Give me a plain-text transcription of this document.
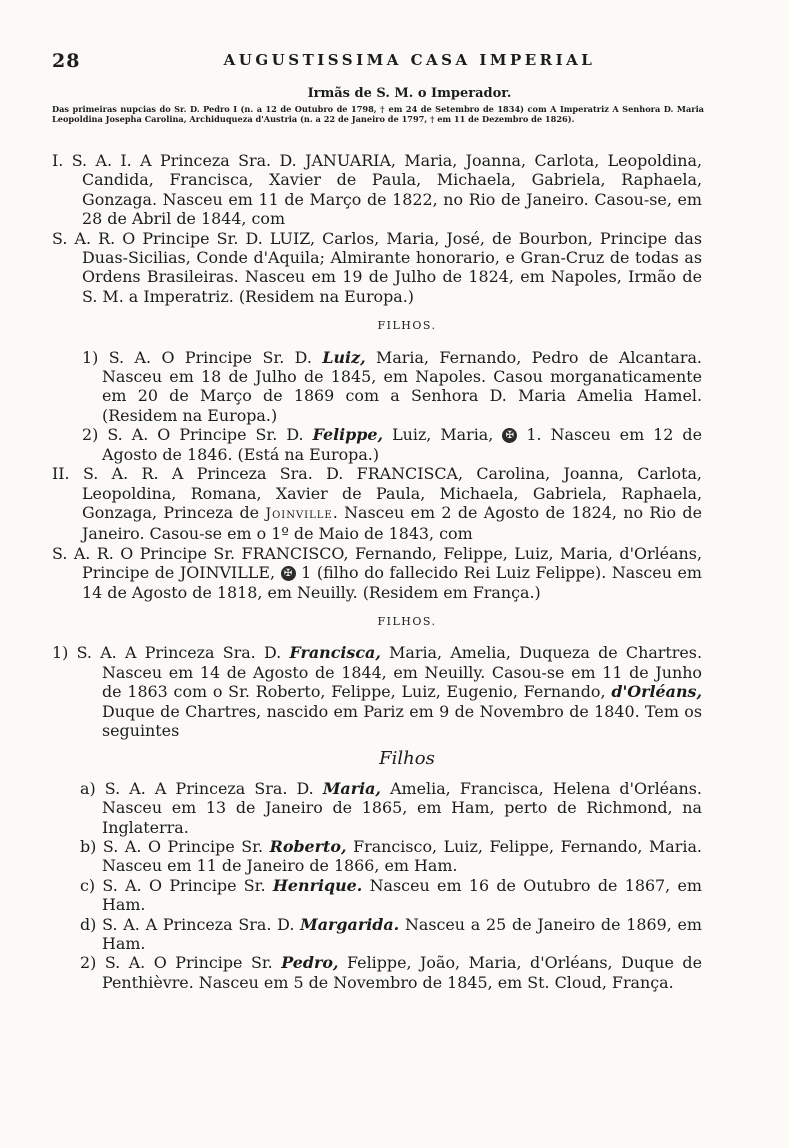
28	AUGUSTISSIMA CASA IMPERIAL
Irmãs de S. M. o Imperador.

Das primeiras nupcias do Sr. D. Pedro I (n. a 12 de Outubro de 1798, † em 24 de Setembro de 1834) com A Imperatriz A Senhora D. Maria Leopoldina Josepha Carolina, Archiduqueza d'Austria (n. a 22 de Janeiro de 1797, † em 11 de Dezembro de 1826).

I. S. A. I. A Princeza Sra. D. JANUARIA, Maria, Joanna, Carlota, Leopoldina, Candida, Francisca, Xavier de Paula, Michaela, Gabriela, Raphaela, Gonzaga. Nasceu em 11 de Março de 1822, no Rio de Janeiro. Casou-se, em 28 de Abril de 1844, com

S. A. R. O Principe Sr. D. LUIZ, Carlos, Maria, José, de Bourbon, Principe das Duas-Sicilias, Conde d'Aquila; Almirante honorario, e Gran-Cruz de todas as Ordens Brasileiras. Nasceu em 19 de Julho de 1824, em Napoles, Irmão de S. M. a Imperatriz. (Residem na Europa.)

FILHOS.

1) S. A. O Principe Sr. D. Luiz, Maria, Fernando, Pedro de Alcantara. Nasceu em 18 de Julho de 1845, em Napoles. Casou morganaticamente em 20 de Março de 1869 com a Senhora D. Maria Amelia Hamel. (Residem na Europa.)

2) S. A. O Principe Sr. D. Felippe, Luiz, Maria, ✠ 1. Nasceu em 12 de Agosto de 1846. (Está na Europa.)

II. S. A. R. A Princeza Sra. D. FRANCISCA, Carolina, Joanna, Carlota, Leopoldina, Romana, Xavier de Paula, Michaela, Gabriela, Raphaela, Gonzaga, Princeza de Joinville. Nasceu em 2 de Agosto de 1824, no Rio de Janeiro. Casou-se em o 1º de Maio de 1843, com

S. A. R. O Principe Sr. FRANCISCO, Fernando, Felippe, Luiz, Maria, d'Orléans, Principe de JOINVILLE, ✠ 1 (filho do fallecido Rei Luiz Felippe). Nasceu em 14 de Agosto de 1818, em Neuilly. (Residem em França.)

FILHOS.

1) S. A. A Princeza Sra. D. Francisca, Maria, Amelia, Duqueza de Chartres. Nasceu em 14 de Agosto de 1844, em Neuilly. Casou-se em 11 de Junho de 1863 com o Sr. Roberto, Felippe, Luiz, Eugenio, Fernando, d'Orléans, Duque de Chartres, nascido em Pariz em 9 de Novembro de 1840. Tem os seguintes

Filhos

a) S. A. A Princeza Sra. D. Maria, Amelia, Francisca, Helena d'Orléans. Nasceu em 13 de Janeiro de 1865, em Ham, perto de Richmond, na Inglaterra.

b) S. A. O Principe Sr. Roberto, Francisco, Luiz, Felippe, Fernando, Maria. Nasceu em 11 de Janeiro de 1866, em Ham.

c) S. A. O Principe Sr. Henrique. Nasceu em 16 de Outubro de 1867, em Ham.

d) S. A. A Princeza Sra. D. Margarida. Nasceu a 25 de Janeiro de 1869, em Ham.

2) S. A. O Principe Sr. Pedro, Felippe, João, Maria, d'Orléans, Duque de Penthièvre. Nasceu em 5 de Novembro de 1845, em St. Cloud, França.
